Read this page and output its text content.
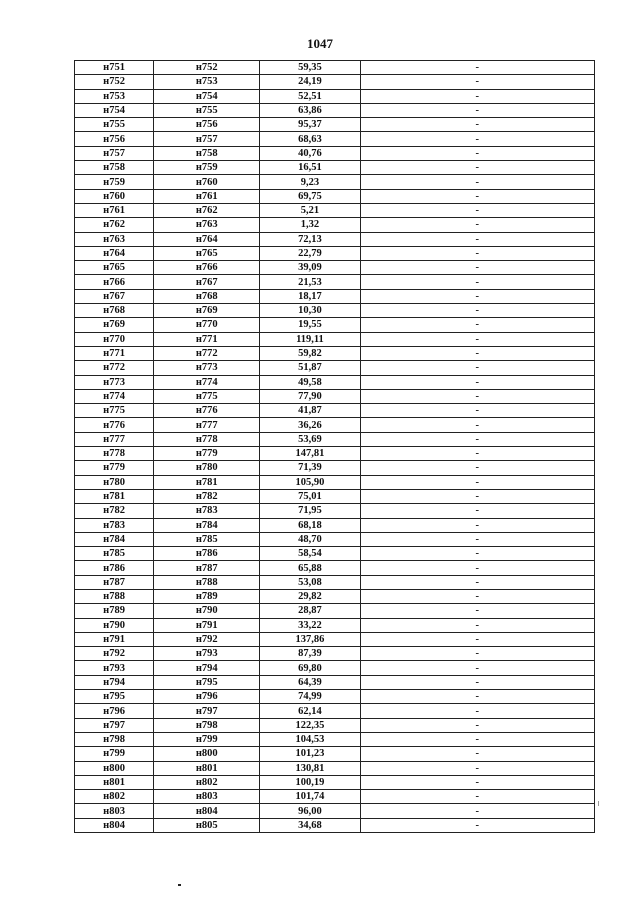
1047
н751	н752	59,35	-
н752	н753	24,19	-
н753	н754	52,51	-
н754	н755	63,86	-
н755	н756	95,37	-
н756	н757	68,63	-
н757	н758	40,76	-
н758	н759	16,51	-
н759	н760	9,23	-
н760	н761	69,75	-
н761	н762	5,21	-
н762	н763	1,32	-
н763	н764	72,13	-
н764	н765	22,79	-
н765	н766	39,09	-
н766	н767	21,53	-
н767	н768	18,17	-
н768	н769	10,30	-
н769	н770	19,55	-
н770	н771	119,11	-
н771	н772	59,82	-
н772	н773	51,87	-
н773	н774	49,58	-
н774	н775	77,90	-
н775	н776	41,87	-
н776	н777	36,26	-
н777	н778	53,69	-
н778	н779	147,81	-
н779	н780	71,39	-
н780	н781	105,90	-
н781	н782	75,01	-
н782	н783	71,95	-
н783	н784	68,18	-
н784	н785	48,70	-
н785	н786	58,54	-
н786	н787	65,88	-
н787	н788	53,08	-
н788	н789	29,82	-
н789	н790	28,87	-
н790	н791	33,22	-
н791	н792	137,86	-
н792	н793	87,39	-
н793	н794	69,80	-
н794	н795	64,39	-
н795	н796	74,99	-
н796	н797	62,14	-
н797	н798	122,35	-
н798	н799	104,53	-
н799	н800	101,23	-
н800	н801	130,81	-
н801	н802	100,19	-
н802	н803	101,74	-
н803	н804	96,00	-
н804	н805	34,68	-
